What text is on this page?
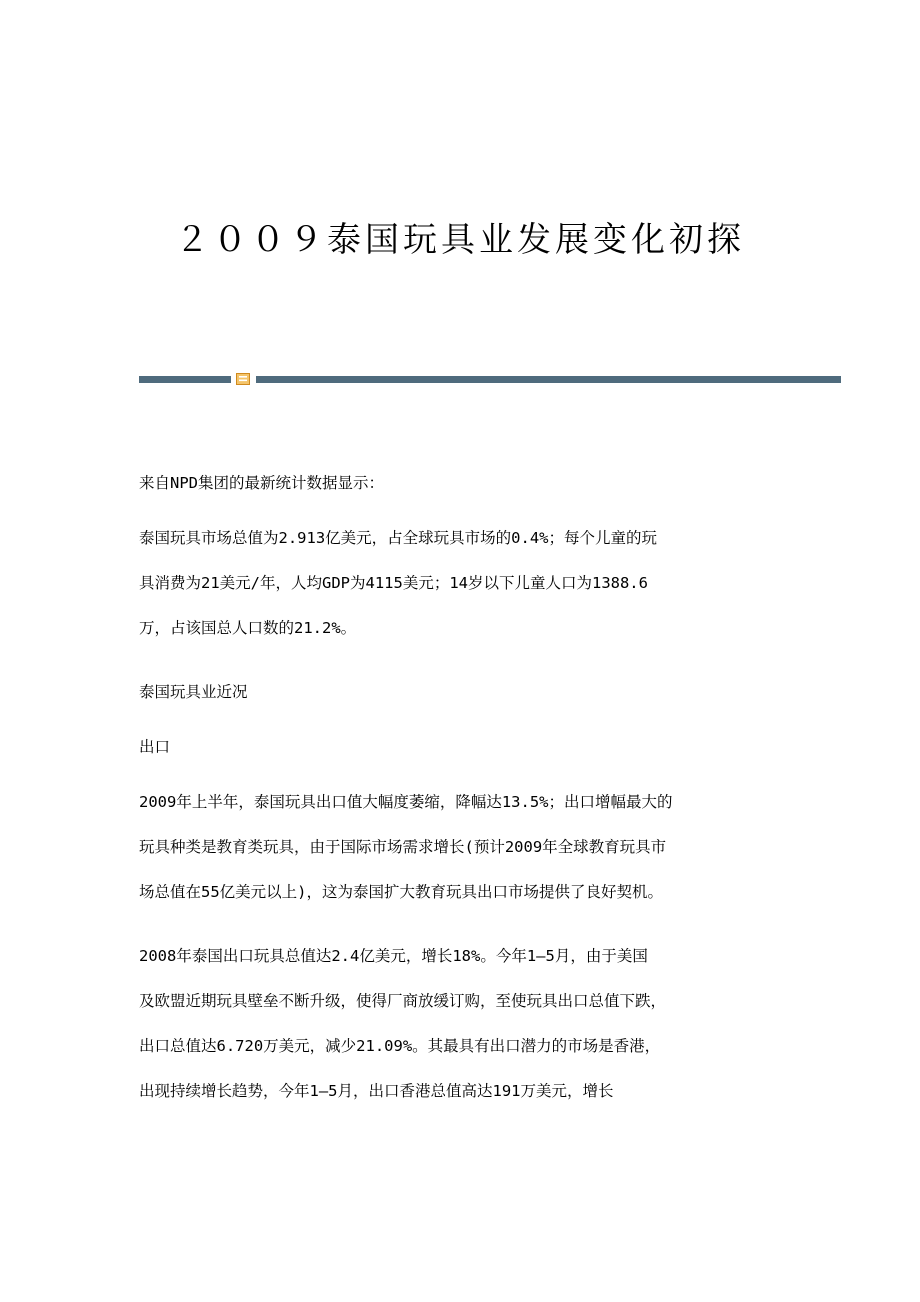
２００９泰国玩具业发展变化初探

来自NPD集团的最新统计数据显示：

泰国玩具市场总值为2.913亿美元，占全球玩具市场的0.4%；每个儿童的玩
具消费为21美元/年，人均GDP为4115美元；14岁以下儿童人口为1388.6
万，占该国总人口数的21.2%。

泰国玩具业近况

出口

2009年上半年，泰国玩具出口值大幅度萎缩，降幅达13.5%；出口增幅最大的
玩具种类是教育类玩具，由于国际市场需求增长(预计2009年全球教育玩具市
场总值在55亿美元以上)，这为泰国扩大教育玩具出口市场提供了良好契机。

2008年泰国出口玩具总值达2.4亿美元，增长18%。今年1—5月，由于美国
及欧盟近期玩具壁垒不断升级，使得厂商放缓订购，至使玩具出口总值下跌，
出口总值达6.720万美元，减少21.09%。其最具有出口潜力的市场是香港，
出现持续增长趋势，今年1—5月，出口香港总值高达191万美元，增长
